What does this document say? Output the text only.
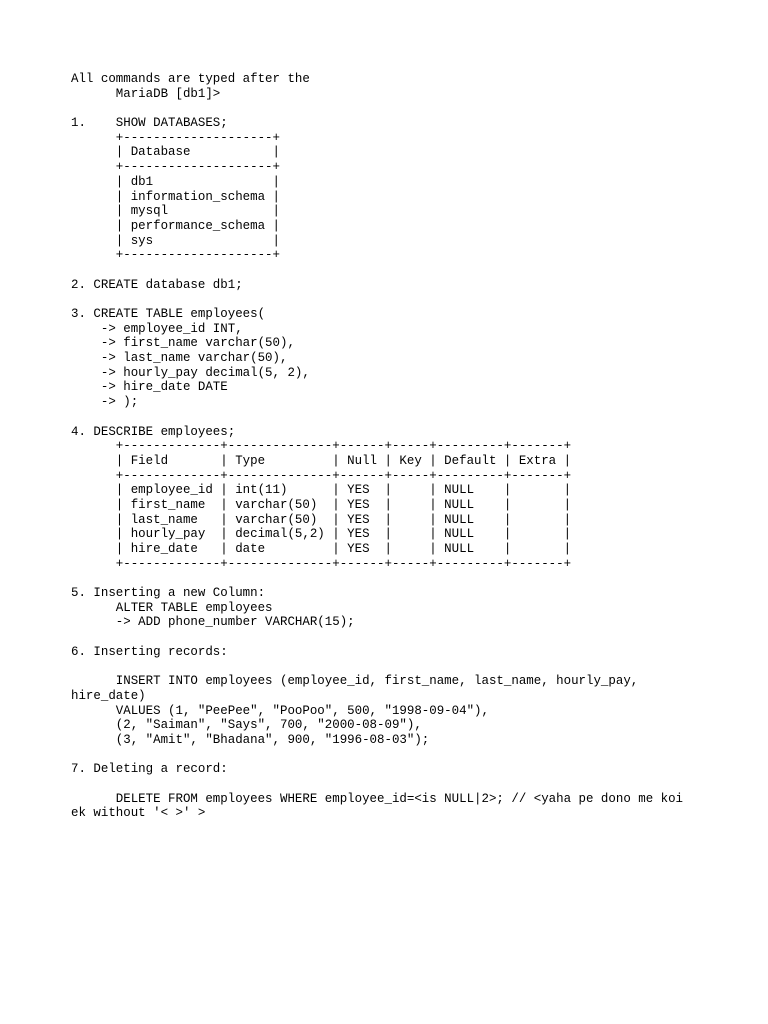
All commands are typed after the
MariaDB [db1]>
1.    SHOW DATABASES;
+--------------------+
| Database           |
+--------------------+
| db1                |
| information_schema |
| mysql              |
| performance_schema |
| sys                |
+--------------------+
2. CREATE database db1;
3. CREATE TABLE employees(
-> employee_id INT,
-> first_name varchar(50),
-> last_name varchar(50),
-> hourly_pay decimal(5, 2),
-> hire_date DATE
-> );
4. DESCRIBE employees;
+-------------+--------------+------+-----+---------+-------+
| Field       | Type         | Null | Key | Default | Extra |
+-------------+--------------+------+-----+---------+-------+
| employee_id | int(11)      | YES  |     | NULL    |       |
| first_name  | varchar(50)  | YES  |     | NULL    |       |
| last_name   | varchar(50)  | YES  |     | NULL    |       |
| hourly_pay  | decimal(5,2) | YES  |     | NULL    |       |
| hire_date   | date         | YES  |     | NULL    |       |
+-------------+--------------+------+-----+---------+-------+
5. Inserting a new Column:
ALTER TABLE employees
-> ADD phone_number VARCHAR(15);
6. Inserting records:
INSERT INTO employees (employee_id, first_name, last_name, hourly_pay,
hire_date)
VALUES (1, "PeePee", "PooPoo", 500, "1998-09-04"),
(2, "Saiman", "Says", 700, "2000-08-09"),
(3, "Amit", "Bhadana", 900, "1996-08-03");
7. Deleting a record:
DELETE FROM employees WHERE employee_id=<is NULL|2>; // <yaha pe dono me koi
ek without '< >' >
